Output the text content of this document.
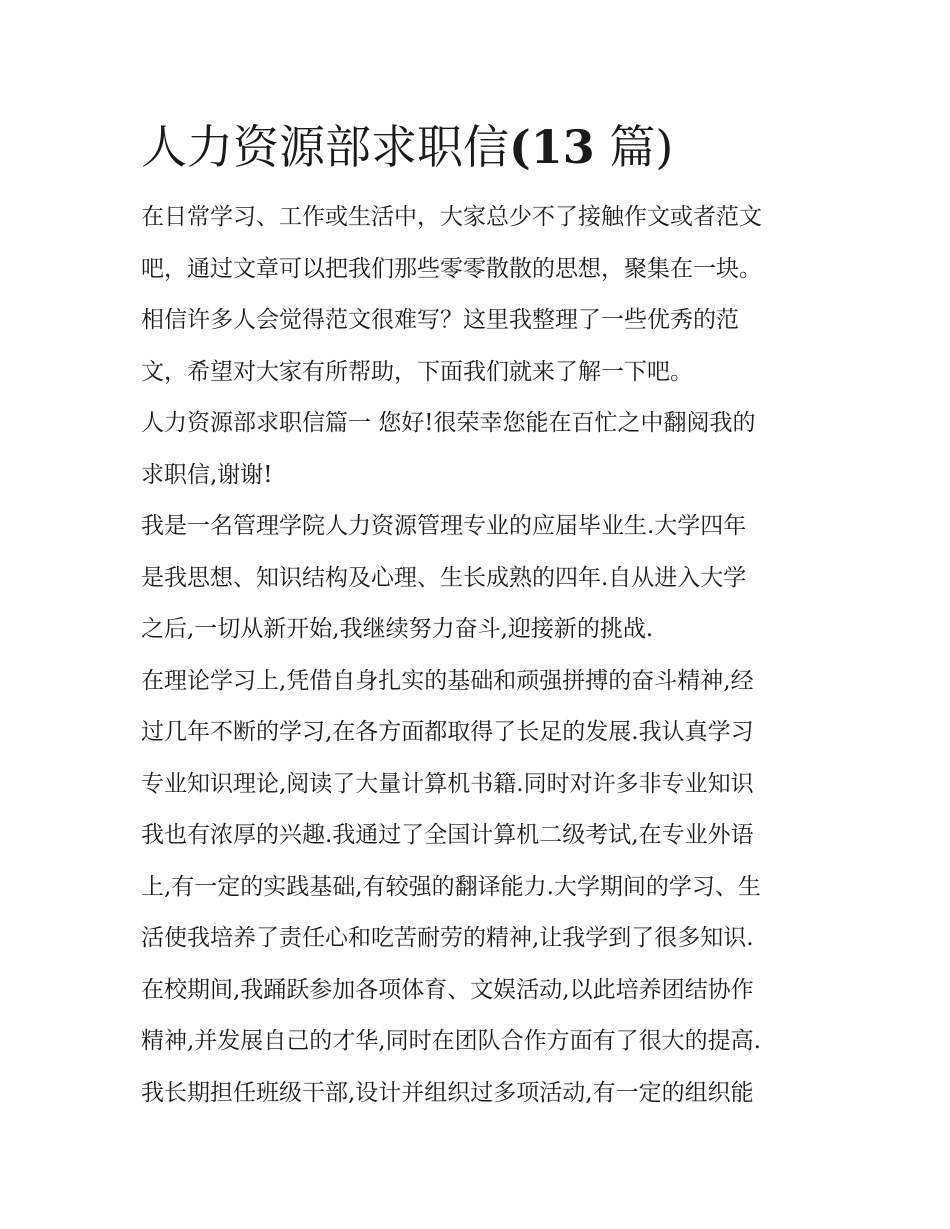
人力资源部求职信(13 篇)
在日常学习、工作或生活中，大家总少不了接触作文或者范文
吧，通过文章可以把我们那些零零散散的思想，聚集在一块。
相信许多人会觉得范文很难写？这里我整理了一些优秀的范
文，希望对大家有所帮助，下面我们就来了解一下吧。
人力资源部求职信篇一 您好!很荣幸您能在百忙之中翻阅我的
求职信,谢谢!
我是一名管理学院人力资源管理专业的应届毕业生.大学四年
是我思想、知识结构及心理、生长成熟的四年.自从进入大学
之后,一切从新开始,我继续努力奋斗,迎接新的挑战.
在理论学习上,凭借自身扎实的基础和顽强拼搏的奋斗精神,经
过几年不断的学习,在各方面都取得了长足的发展.我认真学习
专业知识理论,阅读了大量计算机书籍.同时对许多非专业知识
我也有浓厚的兴趣.我通过了全国计算机二级考试,在专业外语
上,有一定的实践基础,有较强的翻译能力.大学期间的学习、生
活使我培养了责任心和吃苦耐劳的精神,让我学到了很多知识.
在校期间,我踊跃参加各项体育、文娱活动,以此培养团结协作
精神,并发展自己的才华,同时在团队合作方面有了很大的提高.
我长期担任班级干部,设计并组织过多项活动,有一定的组织能
